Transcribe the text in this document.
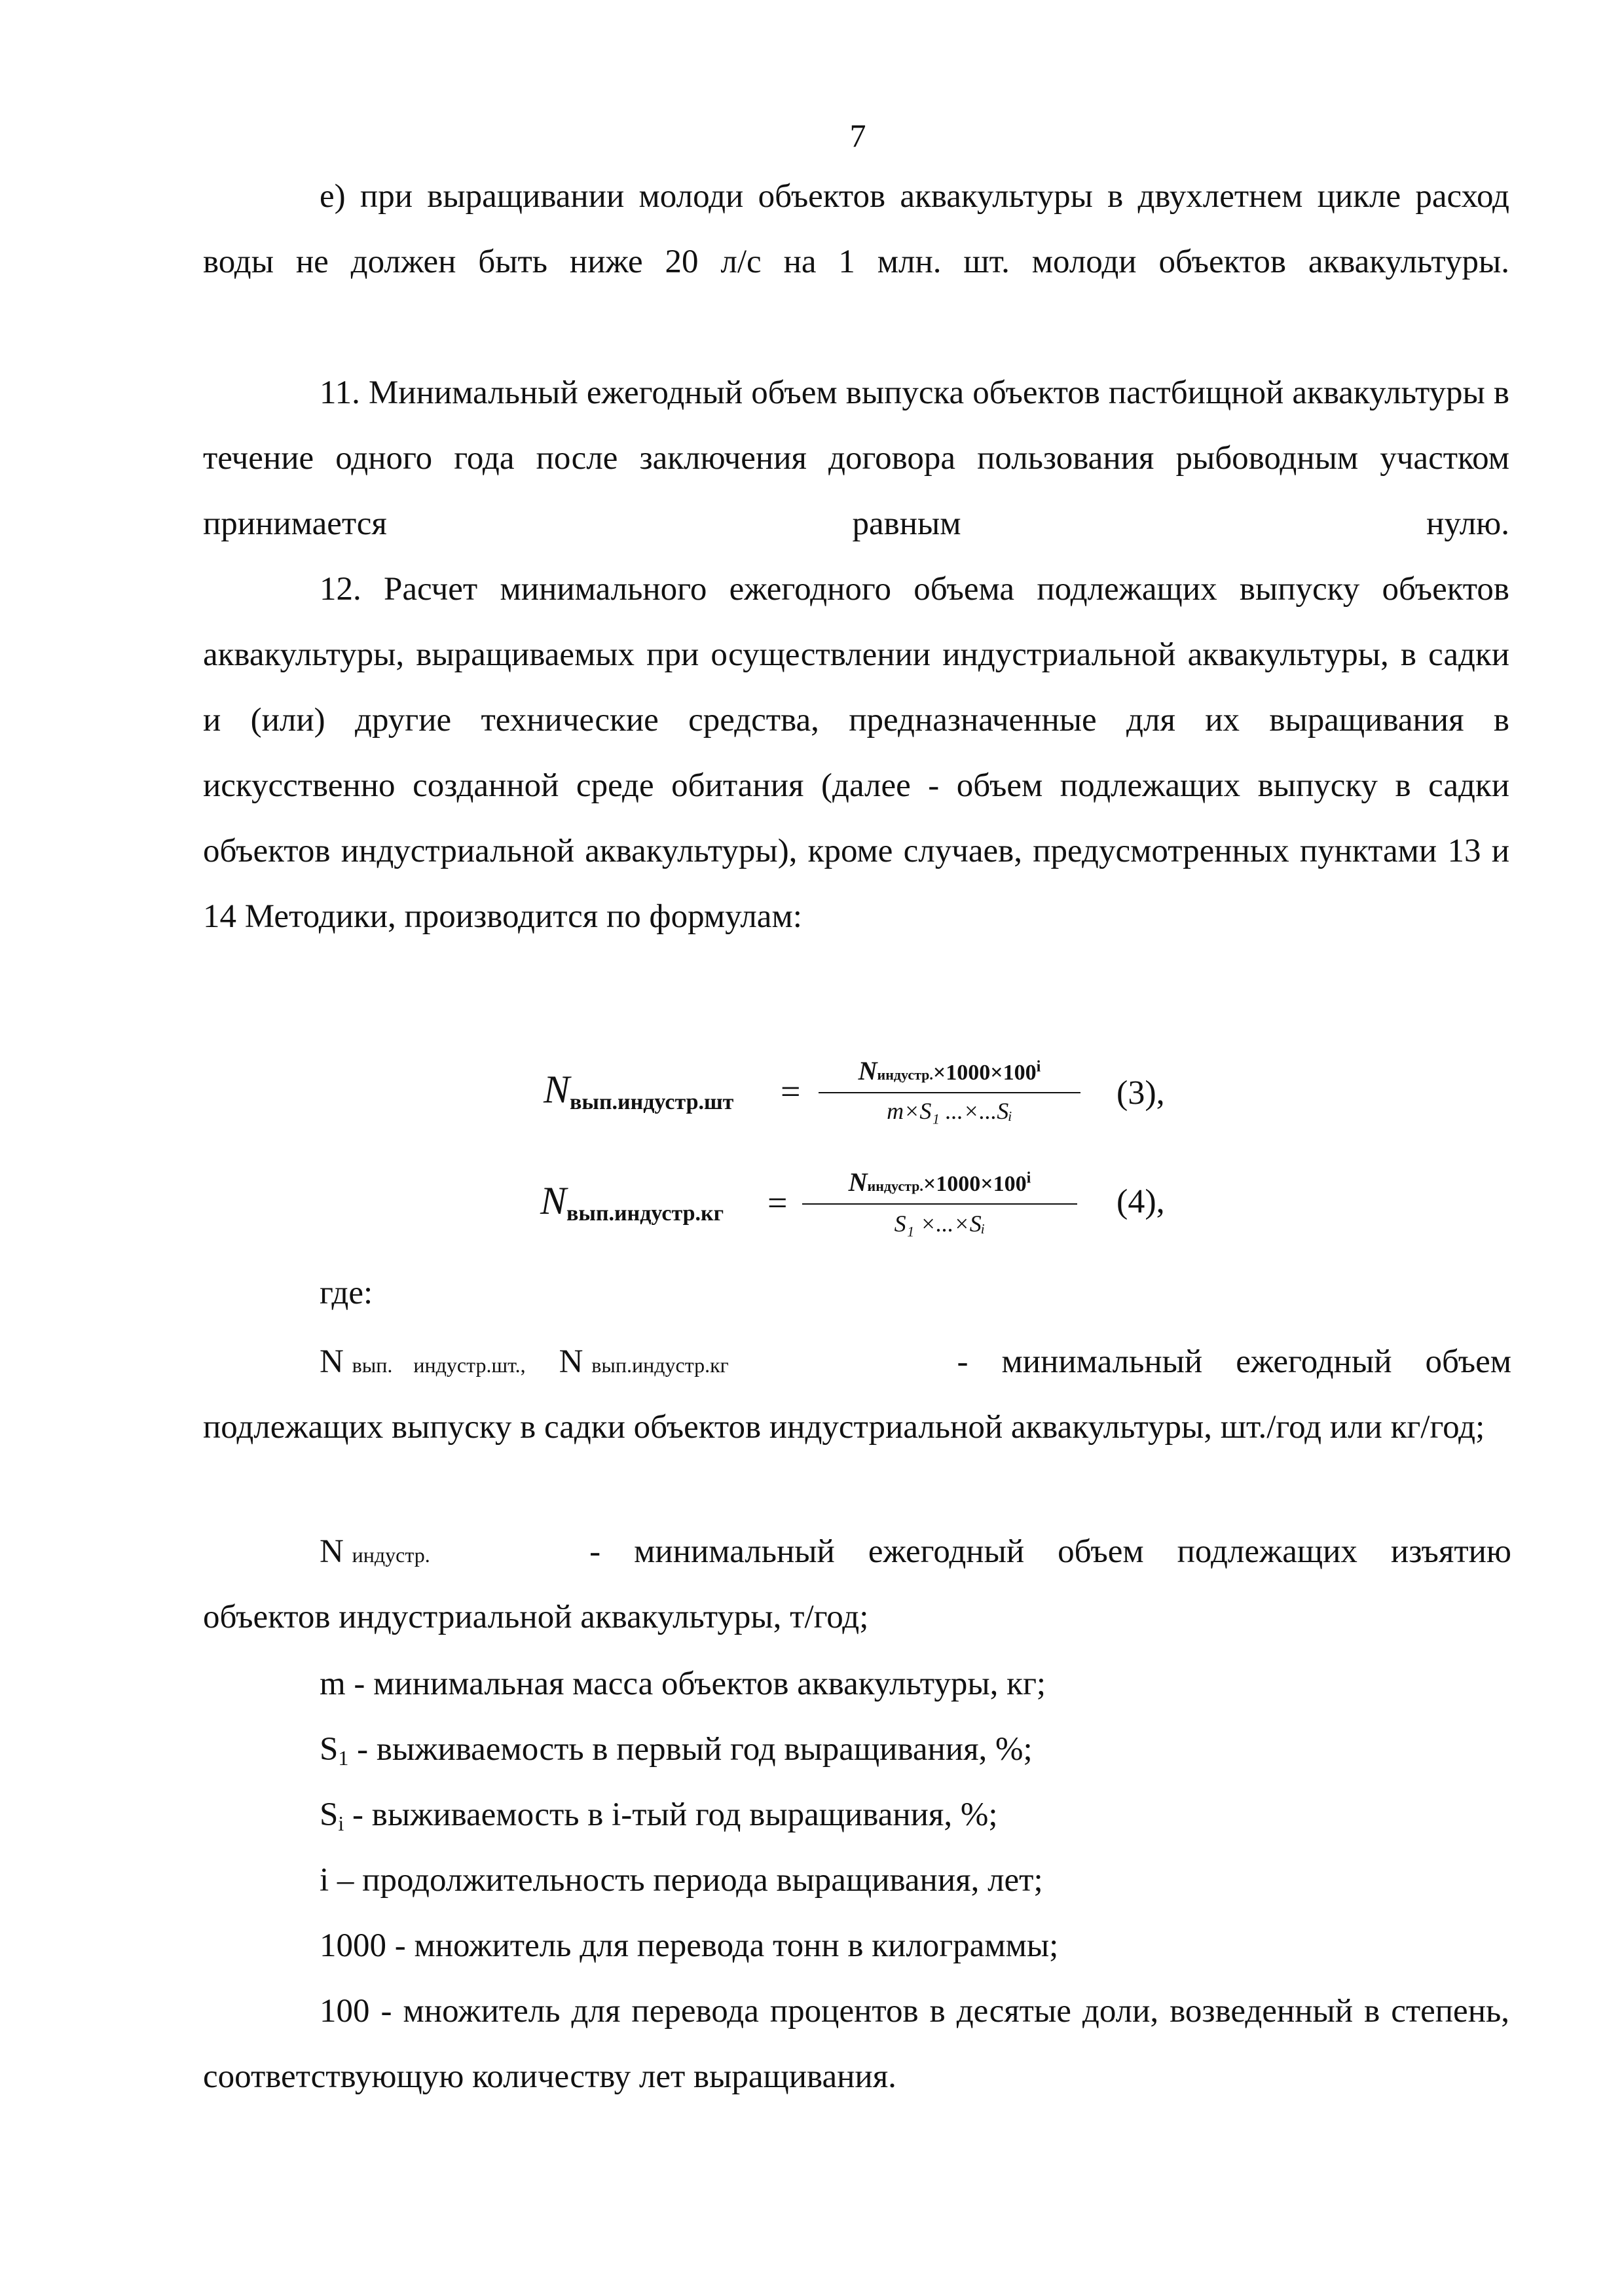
7

е) при выращивании молоди объектов аквакультуры в двухлетнем цикле расход воды не должен быть ниже 20 л/с на 1 млн. шт. молоди объектов аквакультуры.

11. Минимальный ежегодный объем выпуска объектов пастбищной аквакультуры в течение одного года после заключения договора пользования рыбоводным участком принимается равным нулю.

12. Расчет минимального ежегодного объема подлежащих выпуску объектов аквакультуры, выращиваемых при осуществлении индустриальной аквакультуры, в садки и (или) другие технические средства, предназначенные для их выращивания в искусственно созданной среде обитания (далее - объем подлежащих выпуску в садки объектов индустриальной аквакультуры), кроме случаев, предусмотренных пунктами 13 и 14 Методики, производится по формулам:

$N_{вып.индустр.шт}$ =
$Nиндустр.\times 1000\times 100^i$
m×S₁ ...×...Sᵢ	(3),
$N_{вып.индустр.кг}$ =
$Nиндустр.\times 1000\times 100^i$
S₁ ×...×Sᵢ
(4),
где:
N вып.    индустр.шт., N вып.индустр.кг	-    минимальный    ежегодный    объем

подлежащих выпуску в садки объектов индустриальной аквакультуры, шт./год или кг/год;

N индустр.	-    минимальный    ежегодный    объем    подлежащих    изъятию

объектов индустриальной аквакультуры, т/год;

m - минимальная масса объектов аквакультуры, кг;
S1 - выживаемость в первый год выращивания, %;
Si - выживаемость в i-тый год выращивания, %;
i – продолжительность периода выращивания, лет;
1000 - множитель для перевода тонн в килограммы;

100 - множитель для перевода процентов в десятые доли, возведенный в степень, соответствующую количеству лет выращивания.
